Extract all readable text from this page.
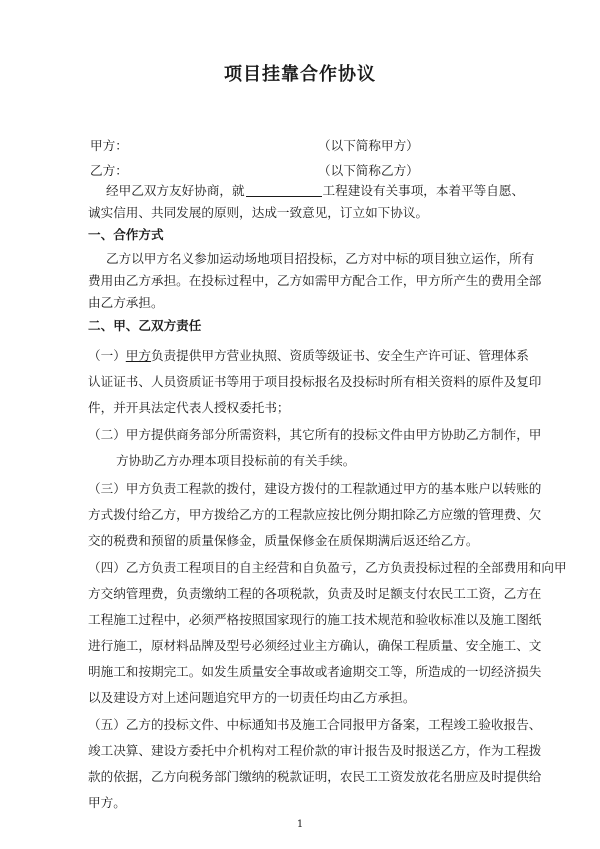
项目挂靠合作协议
甲方：	（以下简称甲方）
乙方：	（以下简称乙方）
经甲乙双方友好协商，就	工程建设有关事项，本着平等自愿、
诚实信用、共同发展的原则，达成一致意见，订立如下协议。
一、合作方式
乙方以甲方名义参加运动场地项目招投标，乙方对中标的项目独立运作，所有
费用由乙方承担。在投标过程中，乙方如需甲方配合工作，甲方所产生的费用全部
由乙方承担。
二、甲、乙双方责任
（一）甲方负责提供甲方营业执照、资质等级证书、安全生产许可证、管理体系
认证证书、人员资质证书等用于项目投标报名及投标时所有相关资料的原件及复印
件，并开具法定代表人授权委托书；
（二）甲方提供商务部分所需资料，其它所有的投标文件由甲方协助乙方制作，甲
方协助乙方办理本项目投标前的有关手续。
（三）甲方负责工程款的拨付，建设方拨付的工程款通过甲方的基本账户以转账的
方式拨付给乙方，甲方拨给乙方的工程款应按比例分期扣除乙方应缴的管理费、欠
交的税费和预留的质量保修金，质量保修金在质保期满后返还给乙方。
（四）乙方负责工程项目的自主经营和自负盈亏，乙方负责投标过程的全部费用和向甲
方交纳管理费，负责缴纳工程的各项税款，负责及时足额支付农民工工资，乙方在
工程施工过程中，必须严格按照国家现行的施工技术规范和验收标准以及施工图纸
进行施工，原材料品牌及型号必须经过业主方确认，确保工程质量、安全施工、文
明施工和按期完工。如发生质量安全事故或者逾期交工等，所造成的一切经济损失
以及建设方对上述问题追究甲方的一切责任均由乙方承担。
（五）乙方的投标文件、中标通知书及施工合同报甲方备案，工程竣工验收报告、
竣工决算、建设方委托中介机构对工程价款的审计报告及时报送乙方，作为工程拨
款的依据，乙方向税务部门缴纳的税款证明，农民工工资发放花名册应及时提供给
甲方。
1
